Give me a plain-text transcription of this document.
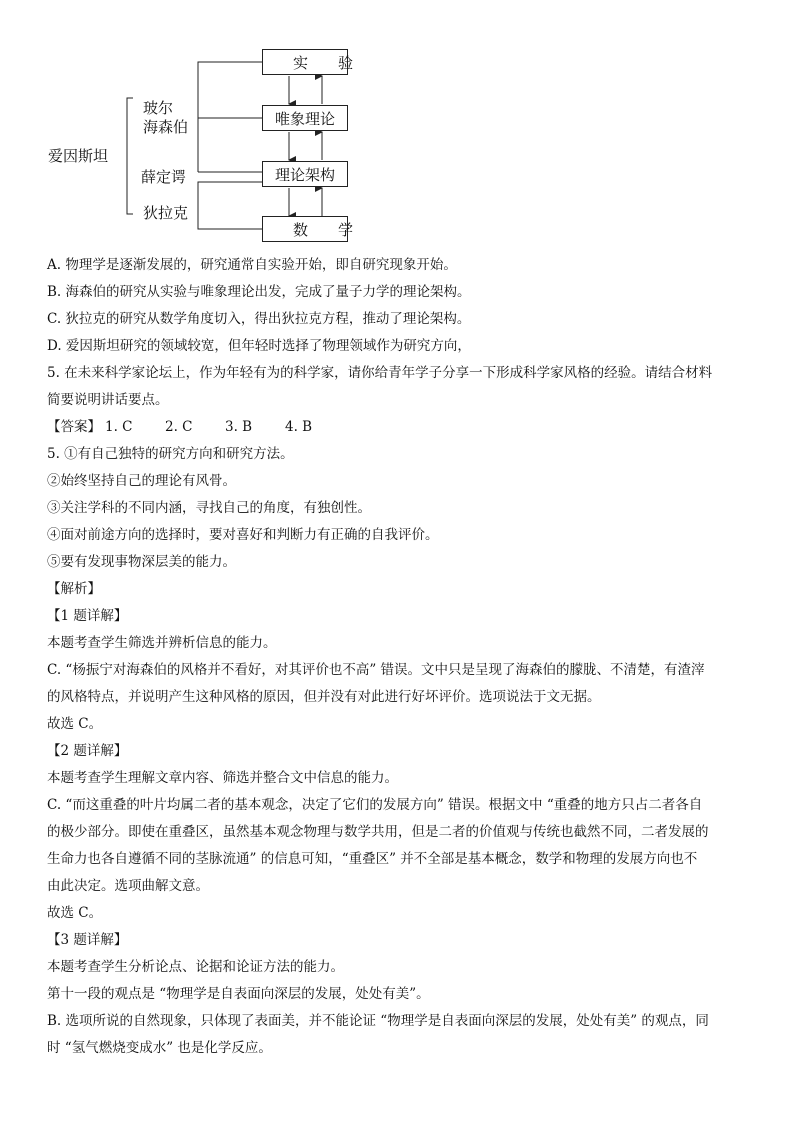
爱因斯坦
玻尔
海森伯
薛定谔
狄拉克
实验
唯象理论
理论架构
数学
A. 物理学是逐渐发展的，研究通常自实验开始，即自研究现象开始。
B. 海森伯的研究从实验与唯象理论出发，完成了量子力学的理论架构。
C. 狄拉克的研究从数学角度切入，得出狄拉克方程，推动了理论架构。
D. 爱因斯坦研究的领域较宽，但年轻时选择了物理领域作为研究方向，
5. 在未来科学家论坛上，作为年轻有为的科学家，请你给青年学子分享一下形成科学家风格的经验。请结合材料
简要说明讲话要点。
【答案】 1. C 2. C 3. B 4. B
5. ①有自己独特的研究方向和研究方法。
②始终坚持自己的理论有风骨。
③关注学科的不同内涵，寻找自己的角度，有独创性。
④面对前途方向的选择时，要对喜好和判断力有正确的自我评价。
⑤要有发现事物深层美的能力。
【解析】
【1 题详解】
本题考查学生筛选并辨析信息的能力。
C. “杨振宁对海森伯的风格并不看好，对其评价也不高” 错误。文中只是呈现了海森伯的朦胧、不清楚，有渣滓
的风格特点，并说明产生这种风格的原因，但并没有对此进行好坏评价。选项说法于文无据。
故选 C。
【2 题详解】
本题考查学生理解文章内容、筛选并整合文中信息的能力。
C. “而这重叠的叶片均属二者的基本观念，决定了它们的发展方向” 错误。根据文中 “重叠的地方只占二者各自
的极少部分。即使在重叠区，虽然基本观念物理与数学共用，但是二者的价值观与传统也截然不同，二者发展的
生命力也各自遵循不同的茎脉流通” 的信息可知，“重叠区” 并不全部是基本概念，数学和物理的发展方向也不
由此决定。选项曲解文意。
故选 C。
【3 题详解】
本题考查学生分析论点、论据和论证方法的能力。
第十一段的观点是 “物理学是自表面向深层的发展，处处有美”。
B. 选项所说的自然现象，只体现了表面美，并不能论证 “物理学是自表面向深层的发展，处处有美” 的观点，同
时 “氢气燃烧变成水” 也是化学反应。
